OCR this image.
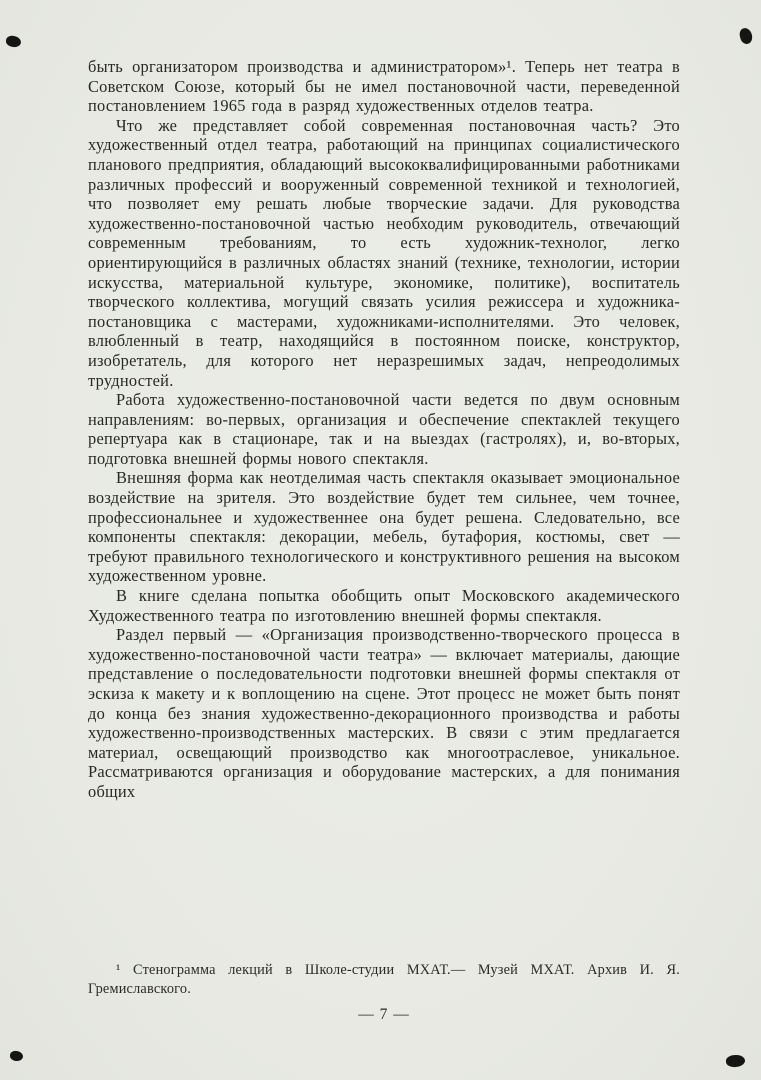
быть организатором производства и администратором»¹. Теперь нет театра в Советском Союзе, который бы не имел постановочной части, переведенной постановлением 1965 года в разряд художественных отделов театра.

Что же представляет собой современная постановочная часть? Это художественный отдел театра, работающий на принципах социалистического планового предприятия, обладающий высококвалифицированными работниками различных профессий и вооруженный современной техникой и технологией, что позволяет ему решать любые творческие задачи. Для руководства художественно-постановочной частью необходим руководитель, отвечающий современным требованиям, то есть художник-технолог, легко ориентирующийся в различных областях знаний (технике, технологии, истории искусства, материальной культуре, экономике, политике), воспитатель творческого коллектива, могущий связать усилия режиссера и художника-постановщика с мастерами, художниками-исполнителями. Это человек, влюбленный в театр, находящийся в постоянном поиске, конструктор, изобретатель, для которого нет неразрешимых задач, непреодолимых трудностей.

Работа художественно-постановочной части ведется по двум основным направлениям: во-первых, организация и обеспечение спектаклей текущего репертуара как в стационаре, так и на выездах (гастролях), и, во-вторых, подготовка внешней формы нового спектакля.

Внешняя форма как неотделимая часть спектакля оказывает эмоциональное воздействие на зрителя. Это воздействие будет тем сильнее, чем точнее, профессиональнее и художественнее она будет решена. Следовательно, все компоненты спектакля: декорации, мебель, бутафория, костюмы, свет — требуют правильного технологического и конструктивного решения на высоком художественном уровне.

В книге сделана попытка обобщить опыт Московского академического Художественного театра по изготовлению внешней формы спектакля.

Раздел первый — «Организация производственно-творческого процесса в художественно-постановочной части театра» — включает материалы, дающие представление о последовательности подготовки внешней формы спектакля от эскиза к макету и к воплощению на сцене. Этот процесс не может быть понят до конца без знания художественно-декорационного производства и работы художественно-производственных мастерских. В связи с этим предлагается материал, освещающий производство как многоотраслевое, уникальное. Рассматриваются организация и оборудование мастерских, а для понимания общих

¹ Стенограмма лекций в Школе-студии МХАТ.— Музей МХАТ. Архив И. Я. Гремиславского.

— 7 —
